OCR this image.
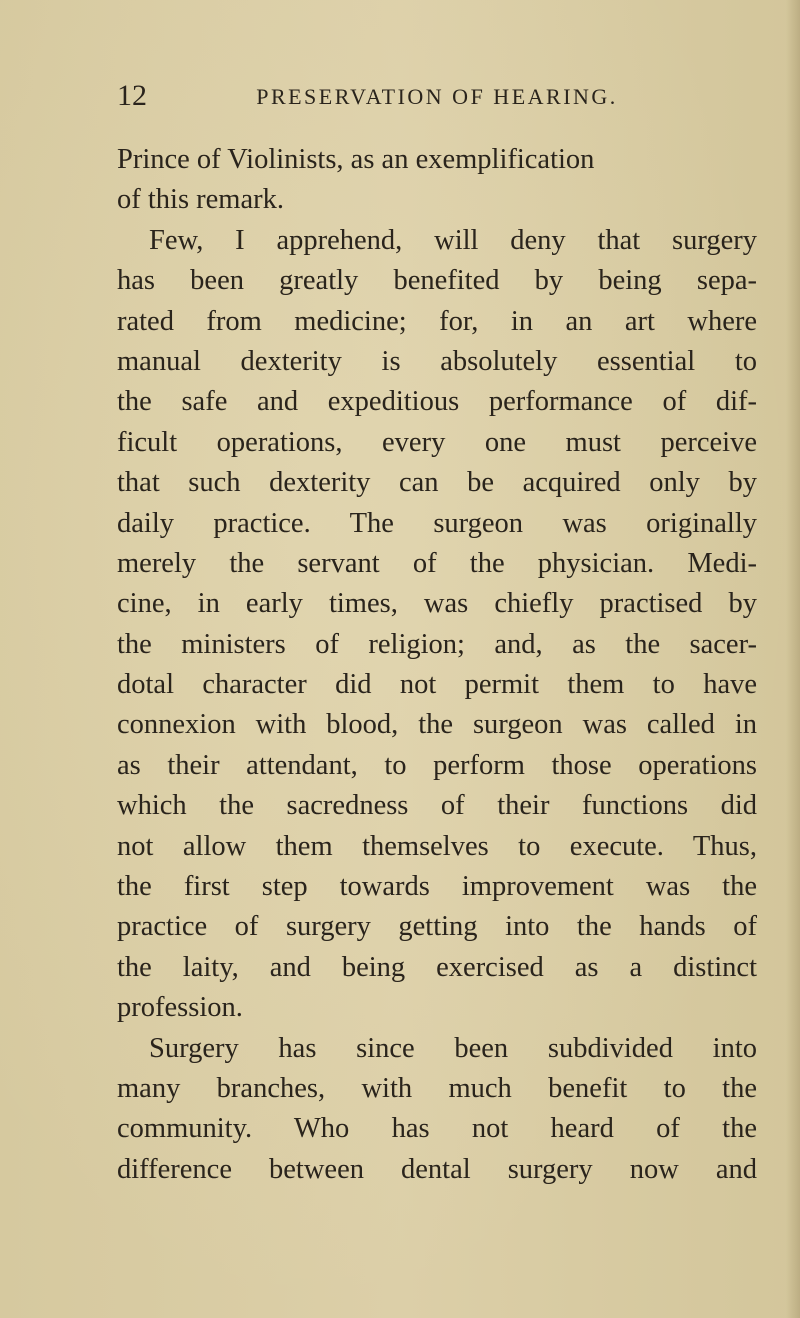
12	PRESERVATION OF HEARING.
Prince of Violinists, as an exemplification
of this remark.
Few, I apprehend, will deny that surgery
has been greatly benefited by being sepa-
rated from medicine; for, in an art where
manual dexterity is absolutely essential to
the safe and expeditious performance of dif-
ficult operations, every one must perceive
that such dexterity can be acquired only by
daily practice. The surgeon was originally
merely the servant of the physician. Medi-
cine, in early times, was chiefly practised by
the ministers of religion; and, as the sacer-
dotal character did not permit them to have
connexion with blood, the surgeon was called in
as their attendant, to perform those operations
which the sacredness of their functions did
not allow them themselves to execute. Thus,
the first step towards improvement was the
practice of surgery getting into the hands of
the laity, and being exercised as a distinct
profession.
Surgery has since been subdivided into
many branches, with much benefit to the
community. Who has not heard of the
difference between dental surgery now and
